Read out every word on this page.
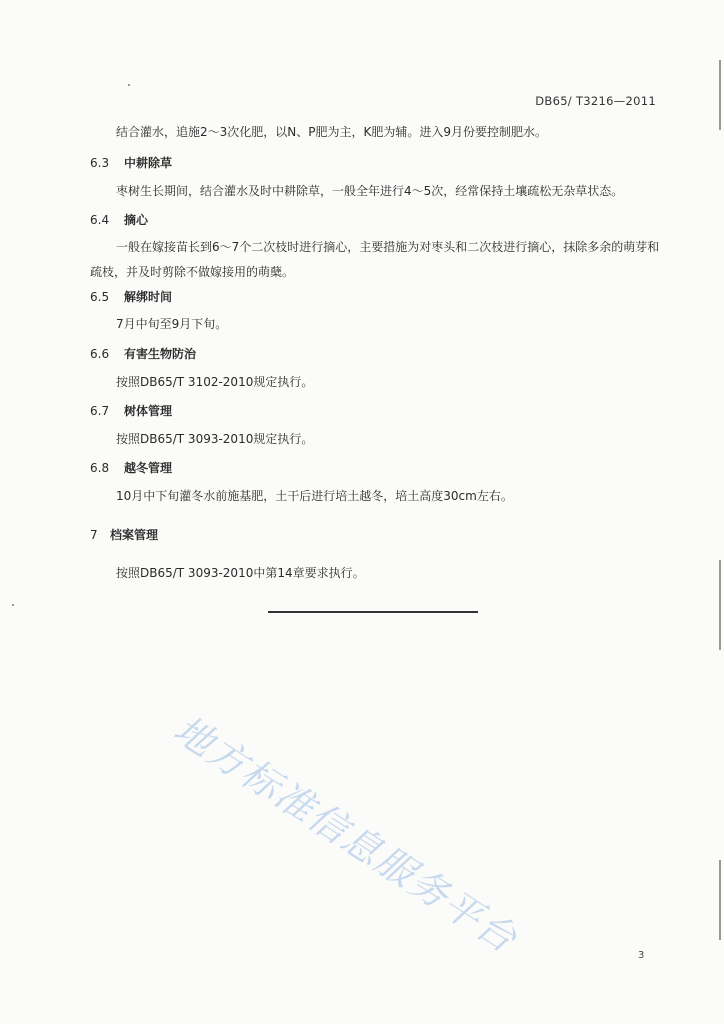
DB65/ T3216—2011
结合灌水，追施2～3次化肥，以N、P肥为主，K肥为辅。进入9月份要控制肥水。
6.3 中耕除草
枣树生长期间，结合灌水及时中耕除草，一般全年进行4～5次，经常保持土壤疏松无杂草状态。
6.4 摘心
一般在嫁接苗长到6～7个二次枝时进行摘心，主要措施为对枣头和二次枝进行摘心，抹除多余的萌芽和疏枝，并及时剪除不做嫁接用的萌蘖。
6.5 解绑时间
7月中旬至9月下旬。
6.6 有害生物防治
按照DB65/T 3102-2010规定执行。
6.7 树体管理
按照DB65/T 3093-2010规定执行。
6.8 越冬管理
10月中下旬灌冬水前施基肥，土干后进行培土越冬，培土高度30cm左右。
7 档案管理
按照DB65/T 3093-2010中第14章要求执行。
地方标准信息服务平台	3
